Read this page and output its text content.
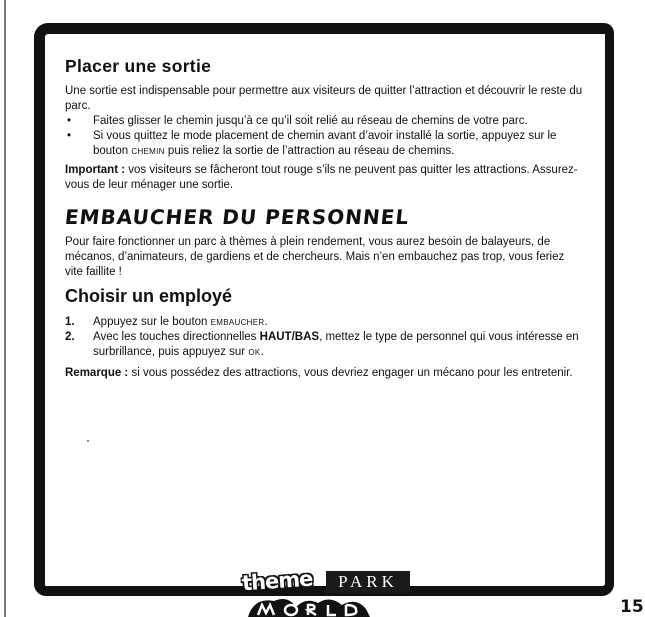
Placer une sortie

Une sortie est indispensable pour permettre aux visiteurs de quitter l’attraction et découvrir le reste du parc.

• Faites glisser le chemin jusqu’à ce qu’il soit relié au réseau de chemins de votre parc.
• Si vous quittez le mode placement de chemin avant d’avoir installé la sortie, appuyez sur le bouton CHEMIN puis reliez la sortie de l’attraction au réseau de chemins.

Important : vos visiteurs se fâcheront tout rouge s’ils ne peuvent pas quitter les attractions. Assurez-vous de leur ménager une sortie.

EMBAUCHER DU PERSONNEL

Pour faire fonctionner un parc à thèmes à plein rendement, vous aurez besoin de balayeurs, de mécanos, d’animateurs, de gardiens et de chercheurs. Mais n’en embauchez pas trop, vous feriez vite faillite !

Choisir un employé
1. Appuyez sur le bouton EMBAUCHER.
2. Avec les touches directionnelles HAUT/BAS, mettez le type de personnel qui vous intéresse en surbrillance, puis appuyez sur OK.

Remarque : si vous possédez des attractions, vous devriez engager un mécano pour les entretenir.

theme	PARK
15
